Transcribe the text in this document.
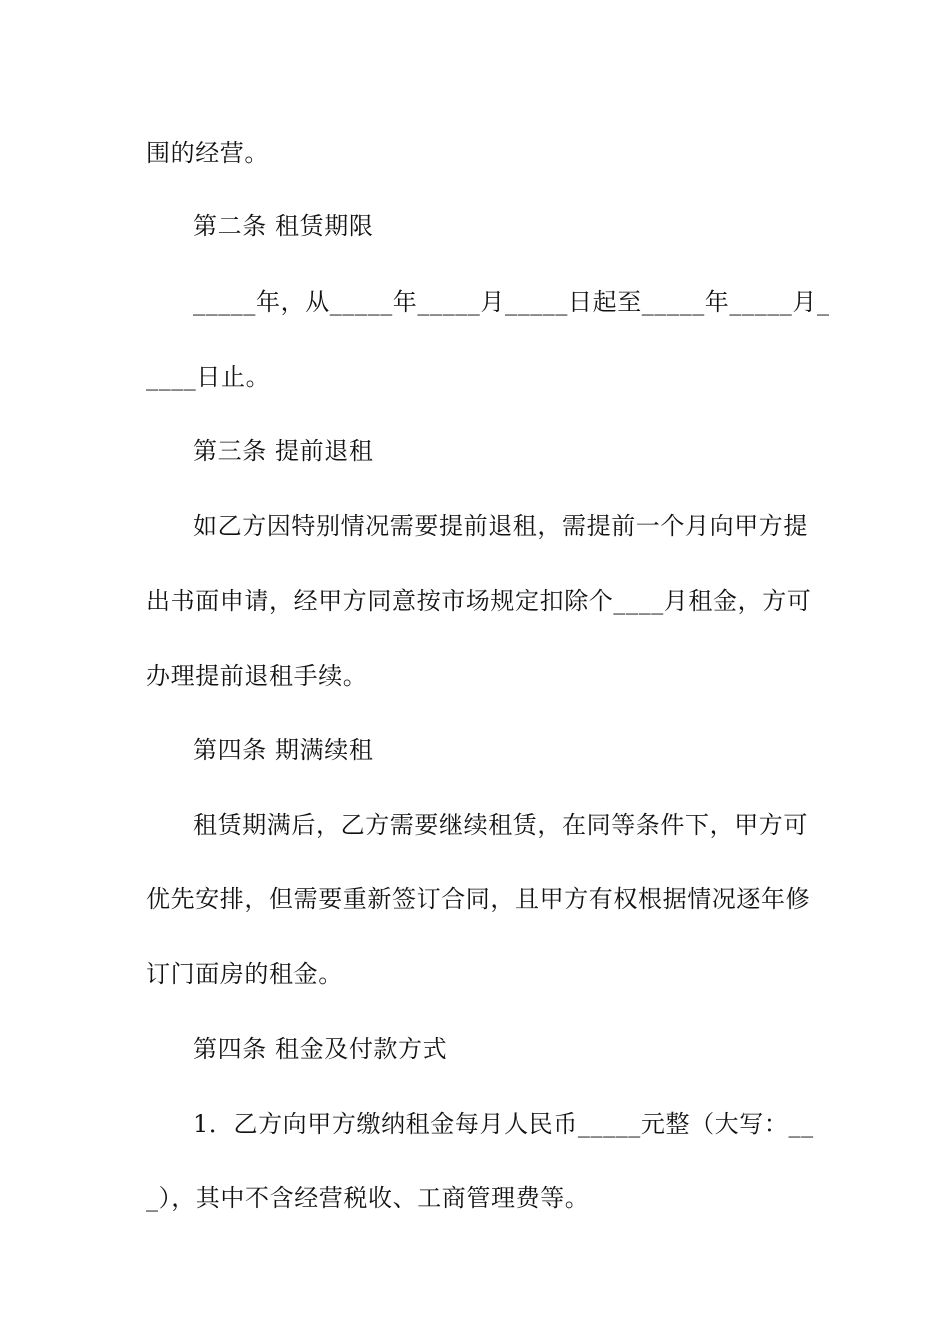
围的经营。
第二条 租赁期限
_____年，从_____年_____月_____日起至_____年_____月_
____日止。
第三条 提前退租
如乙方因特别情况需要提前退租，需提前一个月向甲方提
出书面申请，经甲方同意按市场规定扣除个____月租金，方可
办理提前退租手续。
第四条 期满续租
租赁期满后，乙方需要继续租赁，在同等条件下，甲方可
优先安排，但需要重新签订合同，且甲方有权根据情况逐年修
订门面房的租金。
第四条 租金及付款方式
1．乙方向甲方缴纳租金每月人民币_____元整（大写：__
_），其中不含经营税收、工商管理费等。
